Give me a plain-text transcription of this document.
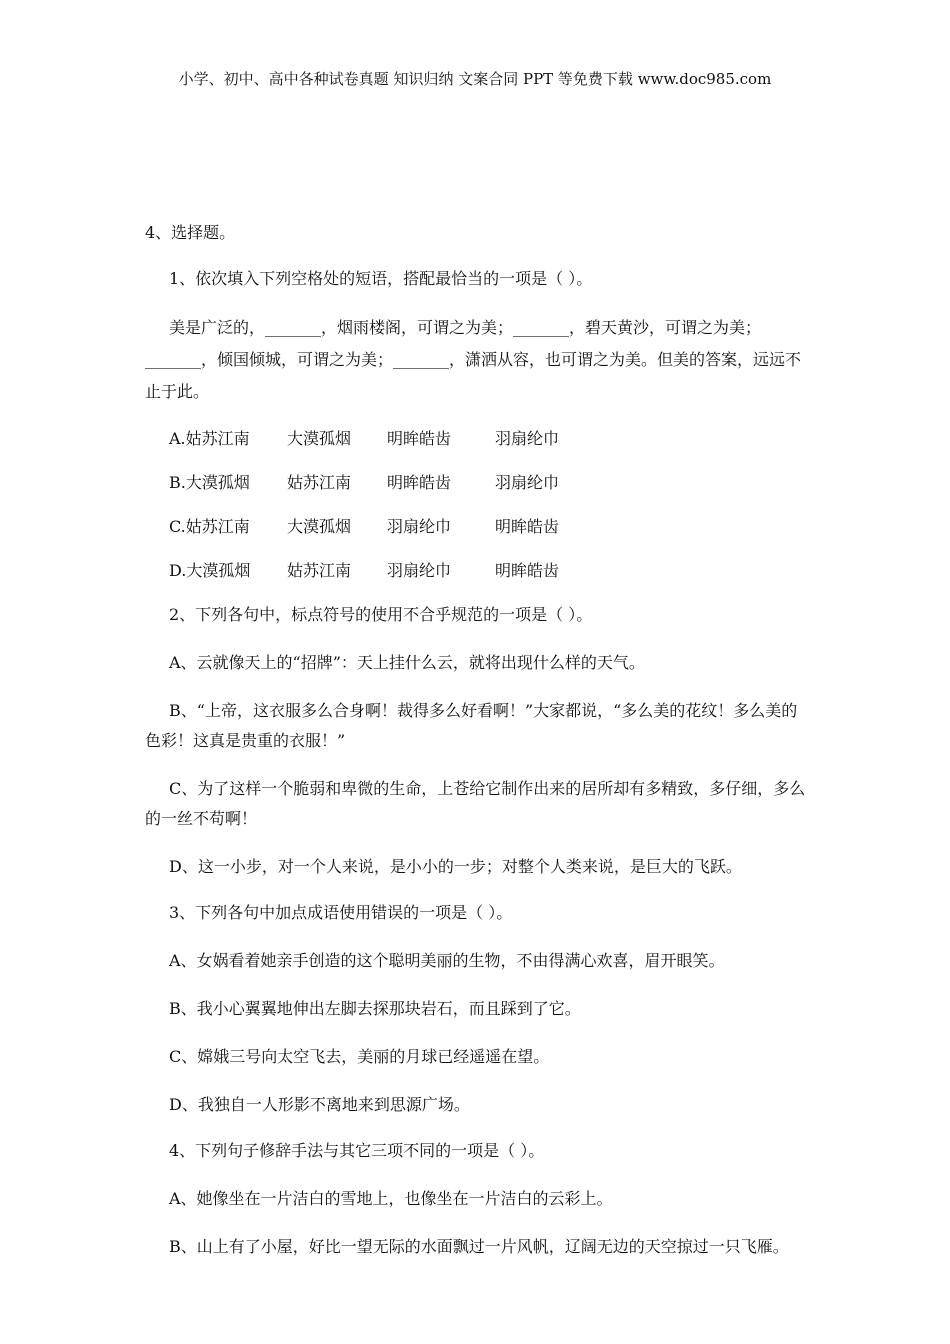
小学、初中、高中各种试卷真题 知识归纳 文案合同 PPT 等免费下载 www.doc985.com
4、选择题。
1、依次填入下列空格处的短语，搭配最恰当的一项是（ ）。
美是广泛的，_______，烟雨楼阁，可谓之为美；_______，碧天黄沙，可谓之为美；_______，倾国倾城，可谓之为美；_______，潇洒从容，也可谓之为美。但美的答案，远远不止于此。
A.姑苏江南	大漠孤烟	明眸皓齿	羽扇纶巾
B.大漠孤烟	姑苏江南	明眸皓齿	羽扇纶巾
C.姑苏江南	大漠孤烟	羽扇纶巾	明眸皓齿
D.大漠孤烟	姑苏江南	羽扇纶巾	明眸皓齿
2、下列各句中，标点符号的使用不合乎规范的一项是（ ）。
A、云就像天上的“招牌”：天上挂什么云，就将出现什么样的天气。
B、“上帝，这衣服多么合身啊！裁得多么好看啊！”大家都说，“多么美的花纹！多么美的色彩！这真是贵重的衣服！”
C、为了这样一个脆弱和卑微的生命，上苍给它制作出来的居所却有多精致，多仔细，多么的一丝不苟啊！
D、这一小步，对一个人来说，是小小的一步；对整个人类来说，是巨大的飞跃。
3、下列各句中加点成语使用错误的一项是（ ）。
A、女娲看着她亲手创造的这个聪明美丽的生物，不由得满心欢喜，眉开眼笑。
B、我小心翼翼地伸出左脚去探那块岩石，而且踩到了它。
C、嫦娥三号向太空飞去，美丽的月球已经遥遥在望。
D、我独自一人形影不离地来到思源广场。
4、下列句子修辞手法与其它三项不同的一项是（ ）。
A、她像坐在一片洁白的雪地上，也像坐在一片洁白的云彩上。
B、山上有了小屋，好比一望无际的水面飘过一片风帆，辽阔无边的天空掠过一只飞雁。
